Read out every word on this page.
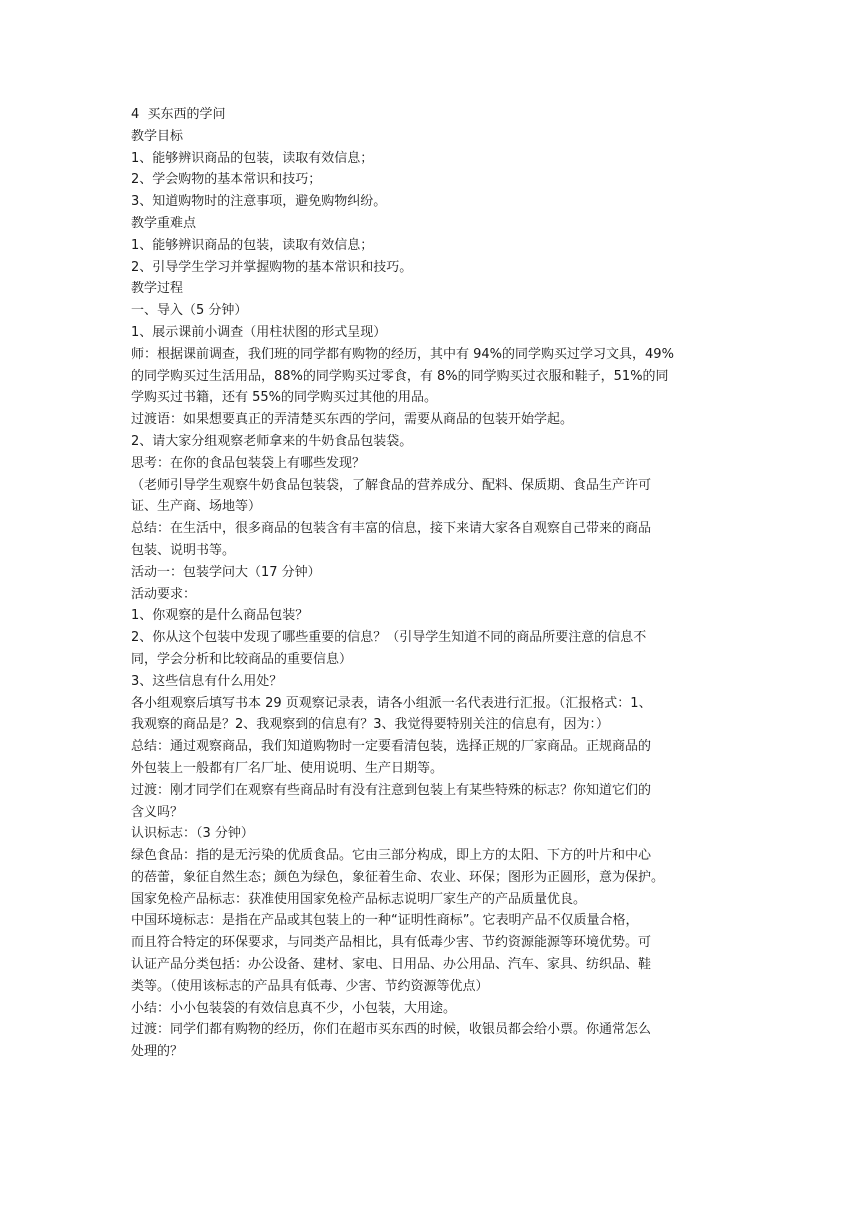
4  买东西的学问
教学目标
1、能够辨识商品的包装，读取有效信息；
2、学会购物的基本常识和技巧；
3、知道购物时的注意事项，避免购物纠纷。
教学重难点
1、能够辨识商品的包装，读取有效信息；
2、引导学生学习并掌握购物的基本常识和技巧。
教学过程
一、导入（5 分钟）
1、展示课前小调查（用柱状图的形式呈现）
师：根据课前调查，我们班的同学都有购物的经历，其中有 94%的同学购买过学习文具，49%
的同学购买过生活用品，88%的同学购买过零食，有 8%的同学购买过衣服和鞋子，51%的同
学购买过书籍，还有 55%的同学购买过其他的用品。
过渡语：如果想要真正的弄清楚买东西的学问，需要从商品的包装开始学起。
2、请大家分组观察老师拿来的牛奶食品包装袋。
思考：在你的食品包装袋上有哪些发现？
（老师引导学生观察牛奶食品包装袋，了解食品的营养成分、配料、保质期、食品生产许可
证、生产商、场地等）
总结：在生活中，很多商品的包装含有丰富的信息，接下来请大家各自观察自己带来的商品
包装、说明书等。
活动一：包装学问大（17 分钟）
活动要求：
1、你观察的是什么商品包装？
2、你从这个包装中发现了哪些重要的信息？（引导学生知道不同的商品所要注意的信息不
同，学会分析和比较商品的重要信息）
3、这些信息有什么用处？
各小组观察后填写书本 29 页观察记录表，请各小组派一名代表进行汇报。（汇报格式：1、
我观察的商品是？2、我观察到的信息有？3、我觉得要特别关注的信息有，因为：）
总结：通过观察商品，我们知道购物时一定要看清包装，选择正规的厂家商品。正规商品的
外包装上一般都有厂名厂址、使用说明、生产日期等。
过渡：刚才同学们在观察有些商品时有没有注意到包装上有某些特殊的标志？你知道它们的
含义吗？
认识标志：（3 分钟）
绿色食品：指的是无污染的优质食品。它由三部分构成，即上方的太阳、下方的叶片和中心
的蓓蕾，象征自然生态；颜色为绿色，象征着生命、农业、环保；图形为正圆形，意为保护。
国家免检产品标志：获准使用国家免检产品标志说明厂家生产的产品质量优良。
中国环境标志：是指在产品或其包装上的一种“证明性商标”。它表明产品不仅质量合格，
而且符合特定的环保要求，与同类产品相比，具有低毒少害、节约资源能源等环境优势。可
认证产品分类包括：办公设备、建材、家电、日用品、办公用品、汽车、家具、纺织品、鞋
类等。（使用该标志的产品具有低毒、少害、节约资源等优点）
小结：小小包装袋的有效信息真不少，小包装，大用途。
过渡：同学们都有购物的经历，你们在超市买东西的时候，收银员都会给小票。你通常怎么
处理的？
